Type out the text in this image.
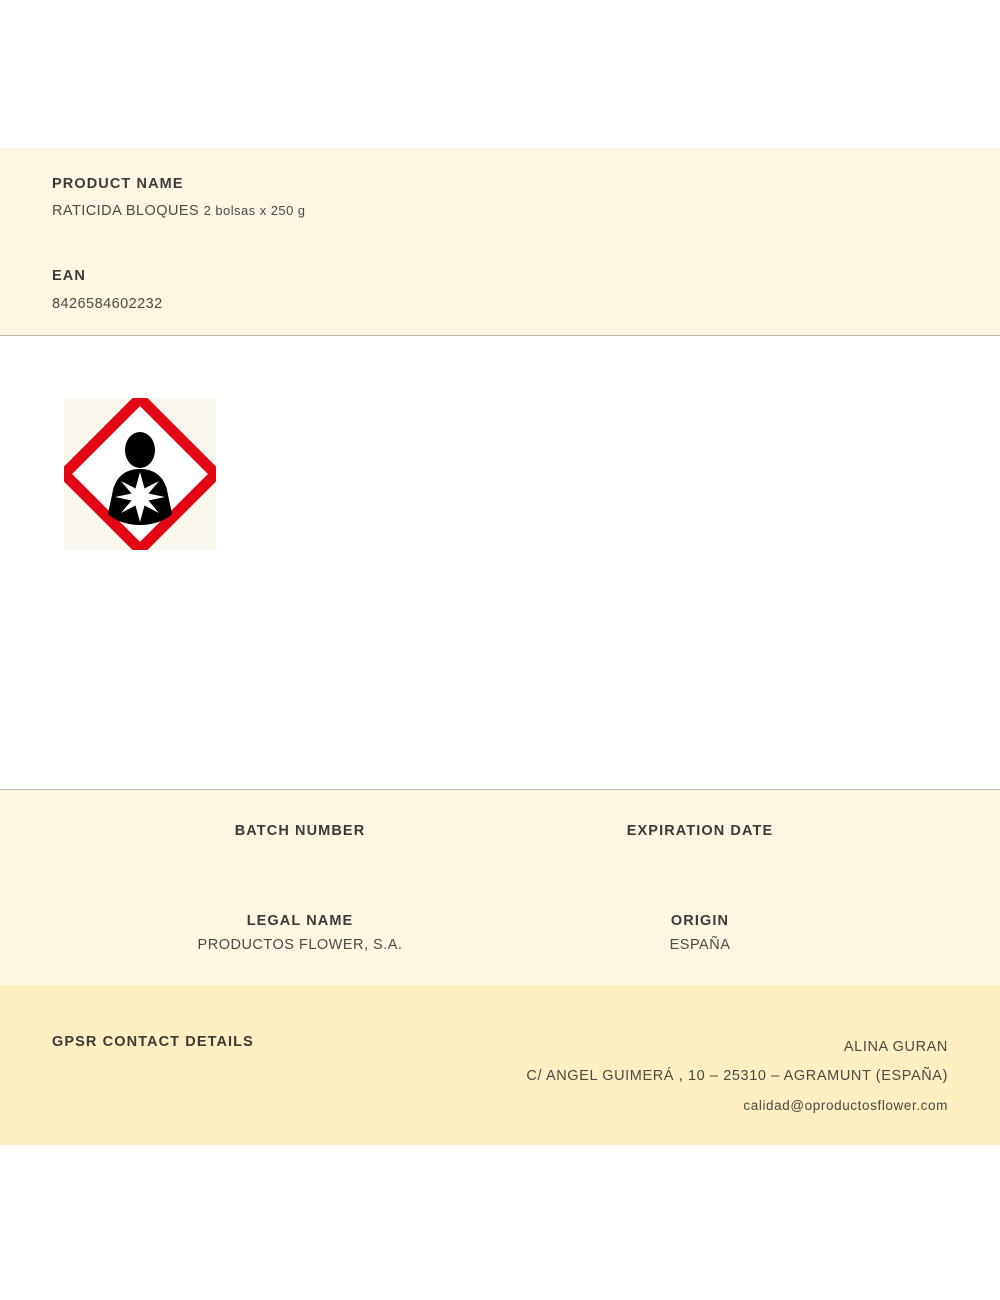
PRODUCT NAME
RATICIDA BLOQUES 2 bolsas x 250 g
EAN
8426584602232
BATCH NUMBER	EXPIRATION DATE
LEGAL NAME
PRODUCTOS FLOWER, S.A.
ORIGIN
ESPAÑA
GPSR CONTACT DETAILS	ALINA GURAN
C/ ANGEL GUIMERÁ , 10 – 25310 – AGRAMUNT (ESPAÑA)
calidad@oproductosflower.com
